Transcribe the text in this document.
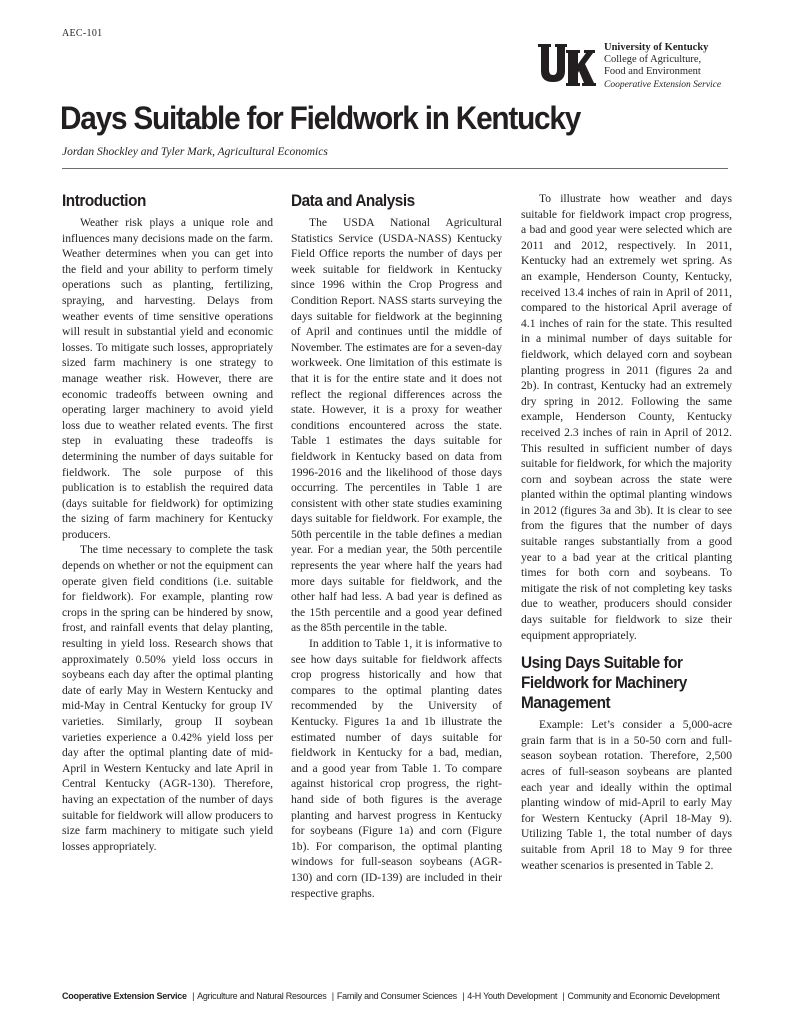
AEC-101
University of Kentucky
College of Agriculture,
Food and Environment
Cooperative Extension Service
Days Suitable for Fieldwork in Kentucky
Jordan Shockley and Tyler Mark, Agricultural Economics
Introduction

Weather risk plays a unique role and influences many decisions made on the farm. Weather determines when you can get into the field and your ability to perform timely operations such as planting, fertilizing, spraying, and harvesting. Delays from weather events of time sensitive operations will result in substantial yield and economic losses. To mitigate such losses, appropriately sized farm machinery is one strategy to manage weather risk. However, there are economic tradeoffs between owning and operating larger machinery to avoid yield loss due to weather related events. The first step in evaluating these tradeoffs is determining the number of days suitable for fieldwork. The sole purpose of this publication is to establish the required data (days suitable for fieldwork) for optimizing the sizing of farm machinery for Kentucky producers.

The time necessary to complete the task depends on whether or not the equipment can operate given field conditions (i.e. suitable for fieldwork). For example, planting row crops in the spring can be hindered by snow, frost, and rainfall events that delay planting, resulting in yield loss. Research shows that approximately 0.50% yield loss occurs in soybeans each day after the optimal planting date of early May in Western Kentucky and mid-May in Central Kentucky for group IV varieties. Similarly, group II soybean varieties experience a 0.42% yield loss per day after the optimal planting date of mid-April in Western Kentucky and late April in Central Kentucky (AGR-130). Therefore, having an expectation of the number of days suitable for fieldwork will allow producers to size farm machinery to mitigate such yield losses appropriately.

Data and Analysis

The USDA National Agricultural Statistics Service (USDA-NASS) Kentucky Field Office reports the number of days per week suitable for fieldwork in Kentucky since 1996 within the Crop Progress and Condition Report. NASS starts surveying the days suitable for fieldwork at the beginning of April and continues until the middle of November. The estimates are for a seven-day workweek. One limitation of this estimate is that it is for the entire state and it does not reflect the regional differences across the state. However, it is a proxy for weather conditions encountered across the state. Table 1 estimates the days suitable for fieldwork in Kentucky based on data from 1996-2016 and the likelihood of those days occurring. The percentiles in Table 1 are consistent with other state studies examining days suitable for fieldwork. For example, the 50th percentile in the table defines a median year. For a median year, the 50th percentile represents the year where half the years had more days suitable for fieldwork, and the other half had less. A bad year is defined as the 15th percentile and a good year defined as the 85th percentile in the table.

In addition to Table 1, it is informative to see how days suitable for fieldwork affects crop progress historically and how that compares to the optimal planting dates recommended by the University of Kentucky. Figures 1a and 1b illustrate the estimated number of days suitable for fieldwork in Kentucky for a bad, median, and a good year from Table 1. To compare against historical crop progress, the right-hand side of both figures is the average planting and harvest progress in Kentucky for soybeans (Figure 1a) and corn (Figure 1b). For comparison, the optimal planting windows for full-season soybeans (AGR-130) and corn (ID-139) are included in their respective graphs.

To illustrate how weather and days suitable for fieldwork impact crop progress, a bad and good year were selected which are 2011 and 2012, respectively. In 2011, Kentucky had an extremely wet spring. As an example, Henderson County, Kentucky, received 13.4 inches of rain in April of 2011, compared to the historical April average of 4.1 inches of rain for the state. This resulted in a minimal number of days suitable for fieldwork, which delayed corn and soybean planting progress in 2011 (figures 2a and 2b). In contrast, Kentucky had an extremely dry spring in 2012. Following the same example, Henderson County, Kentucky received 2.3 inches of rain in April of 2012. This resulted in sufficient number of days suitable for fieldwork, for which the majority corn and soybean across the state were planted within the optimal planting windows in 2012 (figures 3a and 3b). It is clear to see from the figures that the number of days suitable ranges substantially from a good year to a bad year at the critical planting times for both corn and soybeans. To mitigate the risk of not completing key tasks due to weather, producers should consider days suitable for fieldwork to size their equipment appropriately.

Using Days Suitable for Fieldwork for Machinery Management

Example: Let’s consider a 5,000-acre grain farm that is in a 50-50 corn and full-season soybean rotation. Therefore, 2,500 acres of full-season soybeans are planted each year and ideally within the optimal planting window of mid-April to early May for Western Kentucky (April 18-May 9). Utilizing Table 1, the total number of days suitable from April 18 to May 9 for three weather scenarios is presented in Table 2.

Cooperative Extension Service | Agriculture and Natural Resources | Family and Consumer Sciences | 4-H Youth Development | Community and Economic Development
